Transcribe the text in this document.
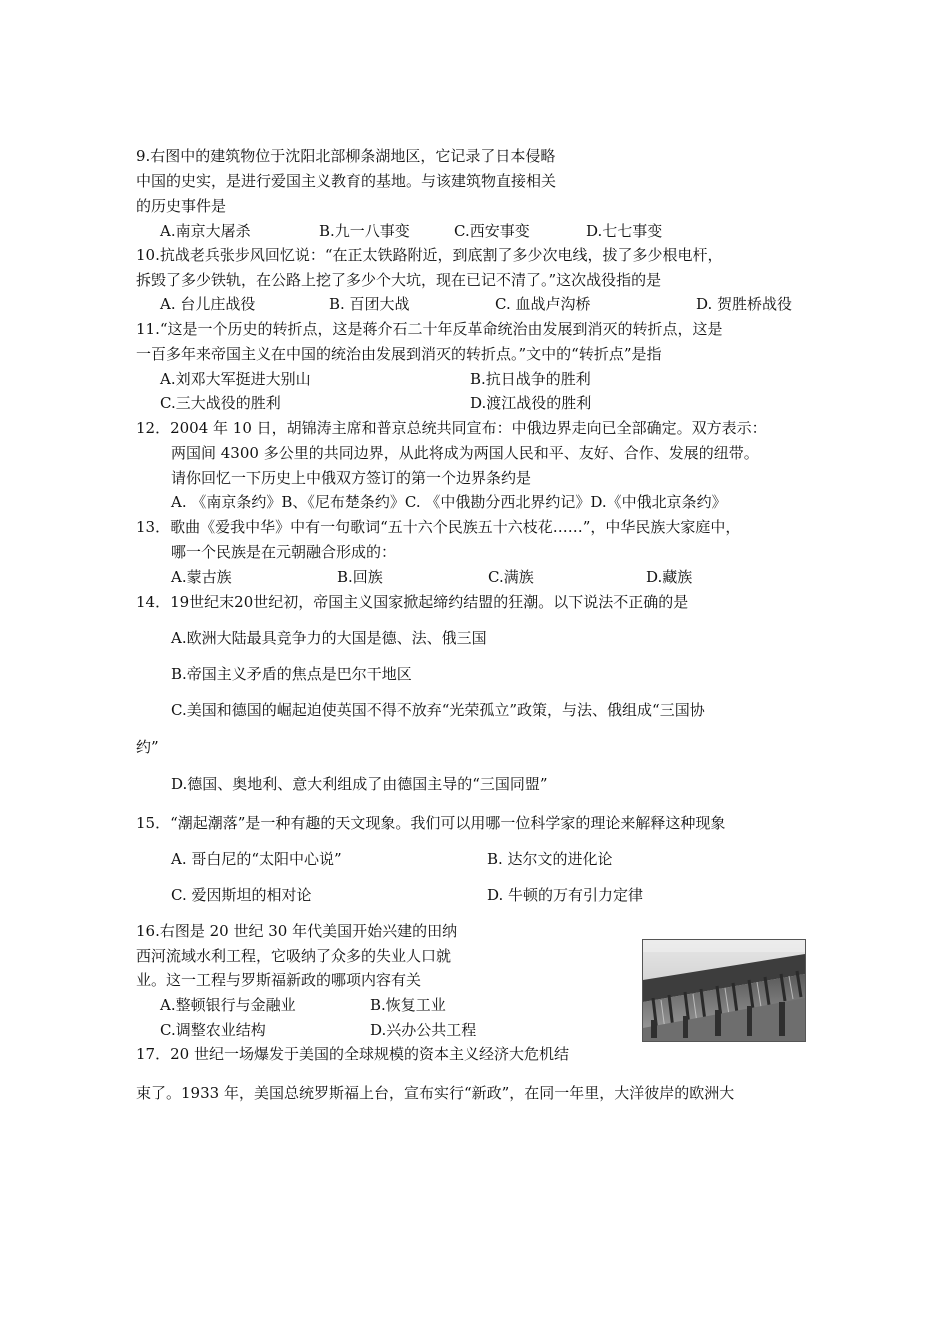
9.右图中的建筑物位于沈阳北部柳条湖地区，它记录了日本侵略
中国的史实，是进行爱国主义教育的基地。与该建筑物直接相关
的历史事件是
A.南京大屠杀	B.九一八事变	C.西安事变	D.七七事变
10.抗战老兵张步风回忆说：“在正太铁路附近，到底割了多少次电线，拔了多少根电杆，
拆毁了多少铁轨，在公路上挖了多少个大坑，现在已记不清了。”这次战役指的是
A. 台儿庄战役	B. 百团大战	C. 血战卢沟桥	D. 贺胜桥战役
11.“这是一个历史的转折点，这是蒋介石二十年反革命统治由发展到消灭的转折点，这是
一百多年来帝国主义在中国的统治由发展到消灭的转折点。”文中的“转折点”是指
A.刘邓大军挺进大别山	B.抗日战争的胜利
C.三大战役的胜利	D.渡江战役的胜利
12．2004 年 10 日，胡锦涛主席和普京总统共同宣布：中俄边界走向已全部确定。双方表示：
两国间 4300 多公里的共同边界，从此将成为两国人民和平、友好、合作、发展的纽带。
请你回忆一下历史上中俄双方签订的第一个边界条约是
A. 《南京条约》B、《尼布楚条约》C. 《中俄勘分西北界约记》D.《中俄北京条约》
13．歌曲《爱我中华》中有一句歌词“五十六个民族五十六枝花……”，中华民族大家庭中，
哪一个民族是在元朝融合形成的：
A.蒙古族	B.回族	C.满族	D.藏族
14．19世纪末20世纪初，帝国主义国家掀起缔约结盟的狂潮。以下说法不正确的是
A.欧洲大陆最具竞争力的大国是德、法、俄三国
B.帝国主义矛盾的焦点是巴尔干地区
C.美国和德国的崛起迫使英国不得不放弃“光荣孤立”政策，与法、俄组成“三国协
约”
D.德国、奥地利、意大利组成了由德国主导的“三国同盟”
15．“潮起潮落”是一种有趣的天文现象。我们可以用哪一位科学家的理论来解释这种现象
A. 哥白尼的“太阳中心说”	B. 达尔文的进化论
C. 爱因斯坦的相对论	D. 牛顿的万有引力定律
16.右图是 20 世纪 30 年代美国开始兴建的田纳
西河流域水利工程，它吸纳了众多的失业人口就
业。这一工程与罗斯福新政的哪项内容有关
A.整顿银行与金融业	B.恢复工业
C.调整农业结构	D.兴办公共工程
17．20 世纪一场爆发于美国的全球规模的资本主义经济大危机结
束了。1933 年，美国总统罗斯福上台，宣布实行“新政”，在同一年里，大洋彼岸的欧洲大
